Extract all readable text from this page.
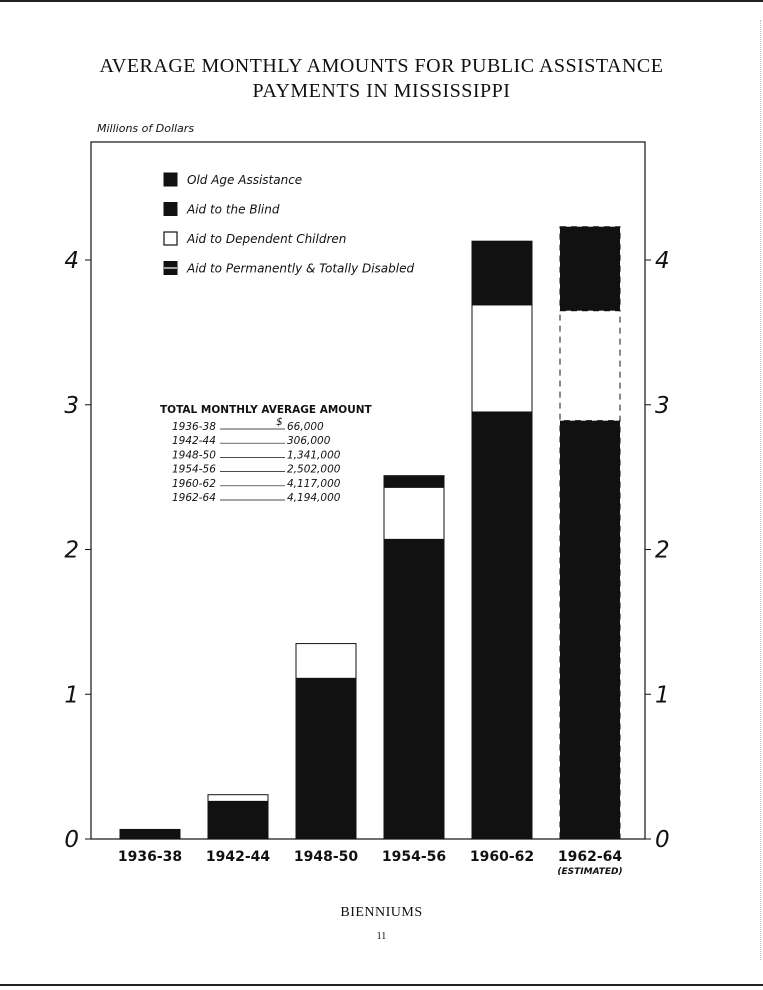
AVERAGE MONTHLY AMOUNTS FOR PUBLIC ASSISTANCE
PAYMENTS IN MISSISSIPPI
Millions of Dollars
0	0
1	1
2	2
3	3
4	4
1936-38 1942-44 1948-50 1954-56 1960-62 1962-64
(ESTIMATED)
Old Age Assistance
Aid to the Blind
Aid to Dependent Children
Aid to Permanently & Totally Disabled
TOTAL MONTHLY AVERAGE AMOUNT
$
1936-38	66,000
1942-44	306,000
1948-50	1,341,000
1954-56	2,502,000
1960-62	4,117,000
1962-64	4,194,000
BIENNIUMS
11
